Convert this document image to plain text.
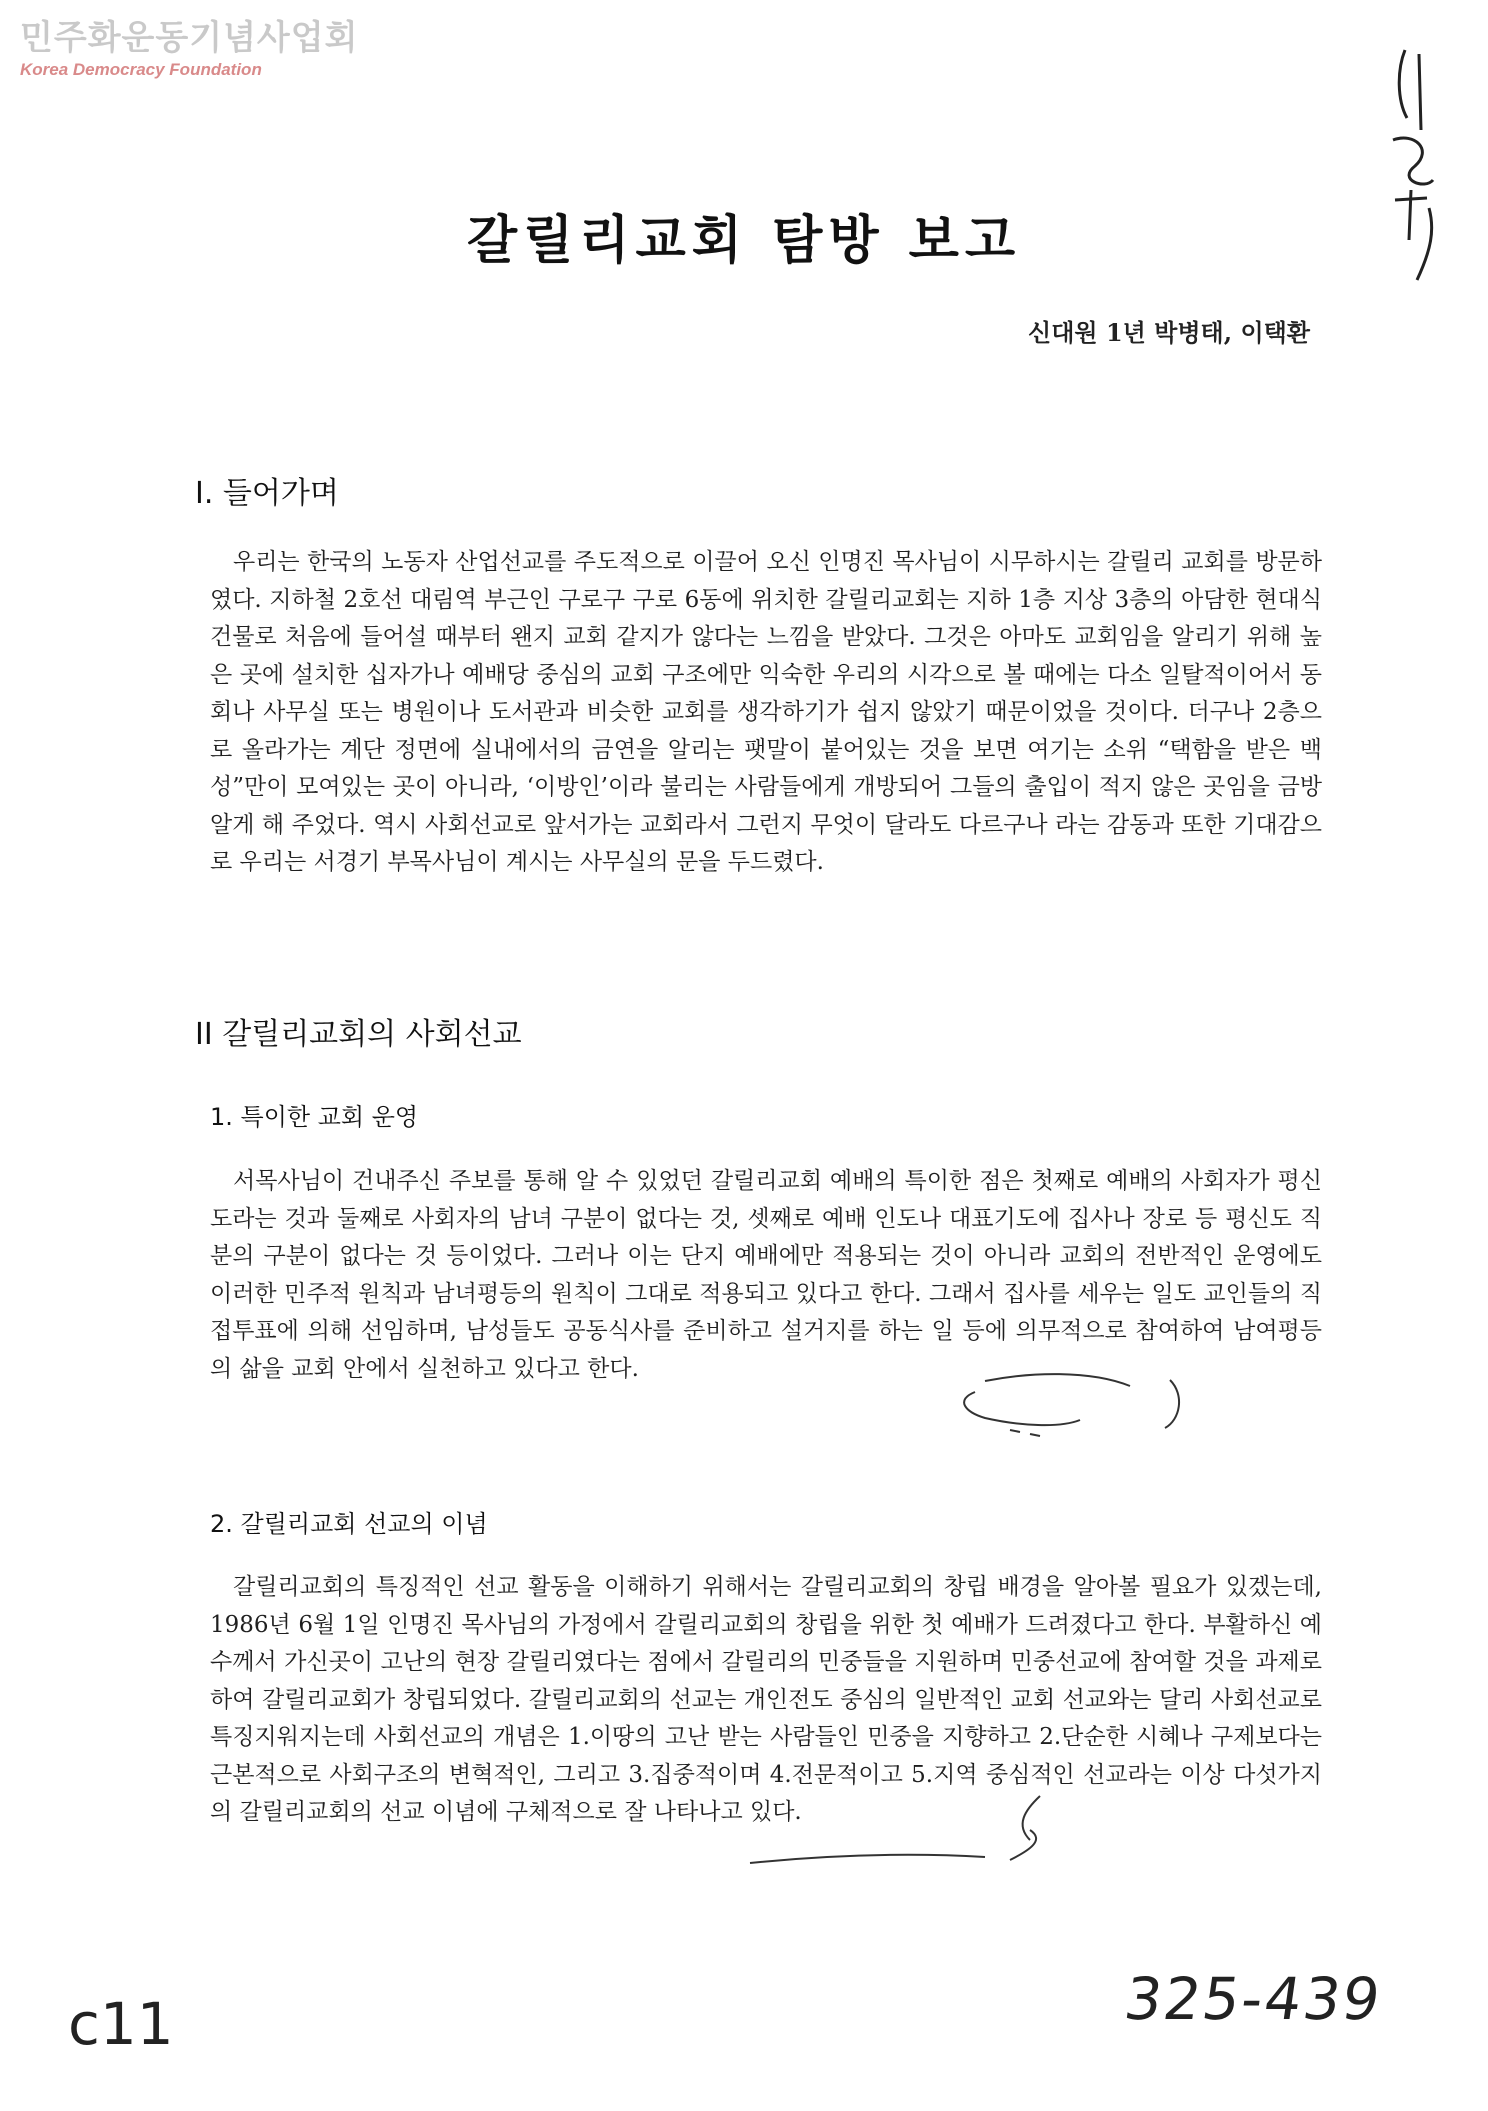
민주화운동기념사업회
Korea Democracy Foundation
갈릴리교회 탐방 보고
신대원 1년 박병태, 이택환
I. 들어가며

우리는 한국의 노동자 산업선교를 주도적으로 이끌어 오신 인명진 목사님이 시무하시는 갈릴리 교회를 방문하였다. 지하철 2호선 대림역 부근인 구로구 구로 6동에 위치한 갈릴리교회는 지하 1층 지상 3층의 아담한 현대식 건물로 처음에 들어설 때부터 왠지 교회 같지가 않다는 느낌을 받았다. 그것은 아마도 교회임을 알리기 위해 높은 곳에 설치한 십자가나 예배당 중심의 교회 구조에만 익숙한 우리의 시각으로 볼 때에는 다소 일탈적이어서 동회나 사무실 또는 병원이나 도서관과 비슷한 교회를 생각하기가 쉽지 않았기 때문이었을 것이다. 더구나 2층으로 올라가는 계단 정면에 실내에서의 금연을 알리는 팻말이 붙어있는 것을 보면 여기는 소위 “택함을 받은 백성”만이 모여있는 곳이 아니라, ‘이방인’이라 불리는 사람들에게 개방되어 그들의 출입이 적지 않은 곳임을 금방 알게 해 주었다. 역시 사회선교로 앞서가는 교회라서 그런지 무엇이 달라도 다르구나 라는 감동과 또한 기대감으로 우리는 서경기 부목사님이 계시는 사무실의 문을 두드렸다.

II 갈릴리교회의 사회선교
1. 특이한 교회 운영

서목사님이 건내주신 주보를 통해 알 수 있었던 갈릴리교회 예배의 특이한 점은 첫째로 예배의 사회자가 평신도라는 것과 둘째로 사회자의 남녀 구분이 없다는 것, 셋째로 예배 인도나 대표기도에 집사나 장로 등 평신도 직분의 구분이 없다는 것 등이었다. 그러나 이는 단지 예배에만 적용되는 것이 아니라 교회의 전반적인 운영에도 이러한 민주적 원칙과 남녀평등의 원칙이 그대로 적용되고 있다고 한다. 그래서 집사를 세우는 일도 교인들의 직접투표에 의해 선임하며, 남성들도 공동식사를 준비하고 설거지를 하는 일 등에 의무적으로 참여하여 남여평등의 삶을 교회 안에서 실천하고 있다고 한다.

2. 갈릴리교회 선교의 이념

갈릴리교회의 특징적인 선교 활동을 이해하기 위해서는 갈릴리교회의 창립 배경을 알아볼 필요가 있겠는데, 1986년 6월 1일 인명진 목사님의 가정에서 갈릴리교회의 창립을 위한 첫 예배가 드려졌다고 한다. 부활하신 예수께서 가신곳이 고난의 현장 갈릴리였다는 점에서 갈릴리의 민중들을 지원하며 민중선교에 참여할 것을 과제로하여 갈릴리교회가 창립되었다. 갈릴리교회의 선교는 개인전도 중심의 일반적인 교회 선교와는 달리 사회선교로 특징지워지는데 사회선교의 개념은 1.이땅의 고난 받는 사람들인 민중을 지향하고 2.단순한 시혜나 구제보다는 근본적으로 사회구조의 변혁적인, 그리고 3.집중적이며 4.전문적이고 5.지역 중심적인 선교라는 이상 다섯가지의 갈릴리교회의 선교 이념에 구체적으로 잘 나타나고 있다.

325-439
c11
